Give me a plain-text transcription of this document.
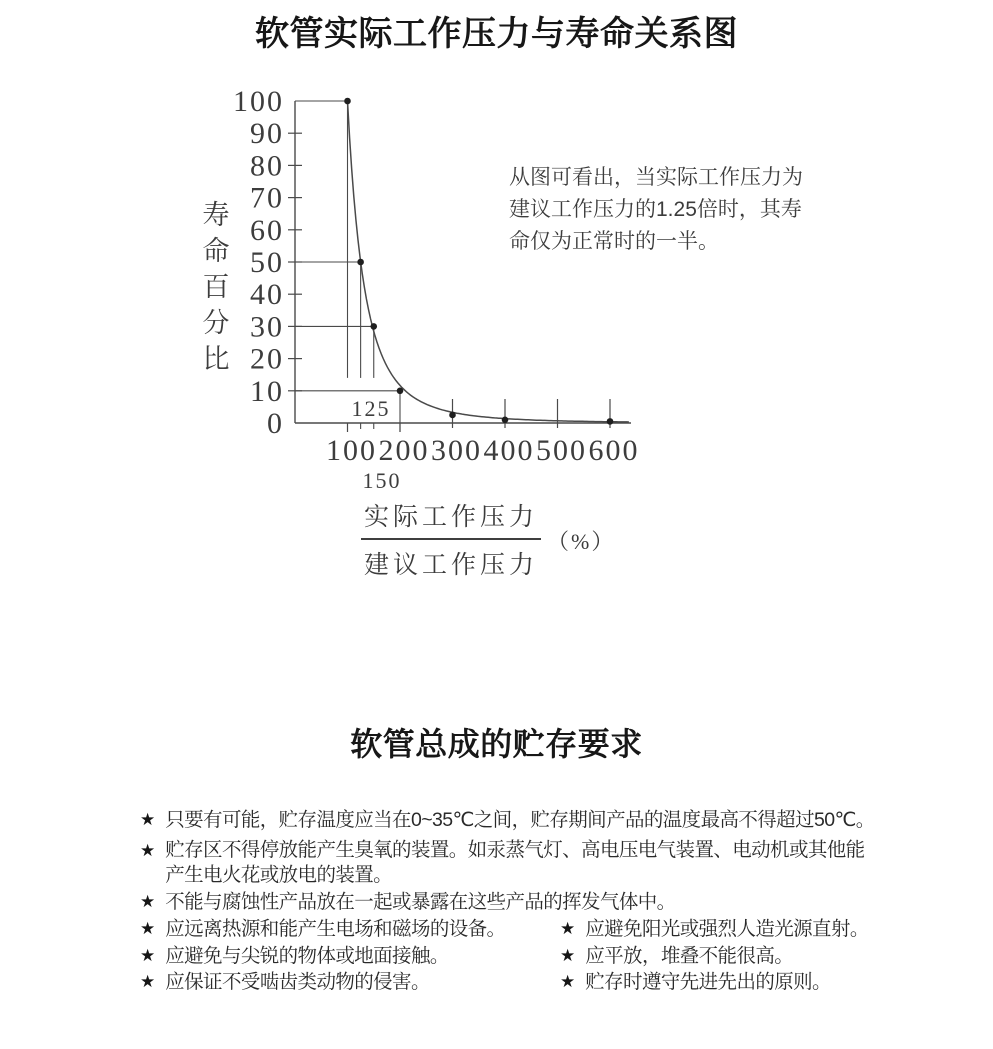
软管实际工作压力与寿命关系图
0
10
20
30
40
50
60
70
80
90
100
100 200 300 400 500 600
125
150
寿
命
百
分
比
从图可看出，当实际工作压力为
建议工作压力的1.25倍时，其寿
命仅为正常时的一半。
实际工作压力
建议工作压力
（%）
软管总成的贮存要求
★ 只要有可能，贮存温度应当在0~35℃之间，贮存期间产品的温度最高不得超过50℃。
★ 贮存区不得停放能产生臭氧的装置。如汞蒸气灯、高电压电气装置、电动机或其他能
产生电火花或放电的装置。
★ 不能与腐蚀性产品放在一起或暴露在这些产品的挥发气体中。
★ 应远离热源和能产生电场和磁场的设备。	★ 应避免阳光或强烈人造光源直射。
★ 应避免与尖锐的物体或地面接触。	★ 应平放，堆叠不能很高。
★ 应保证不受啮齿类动物的侵害。	★ 贮存时遵守先进先出的原则。
